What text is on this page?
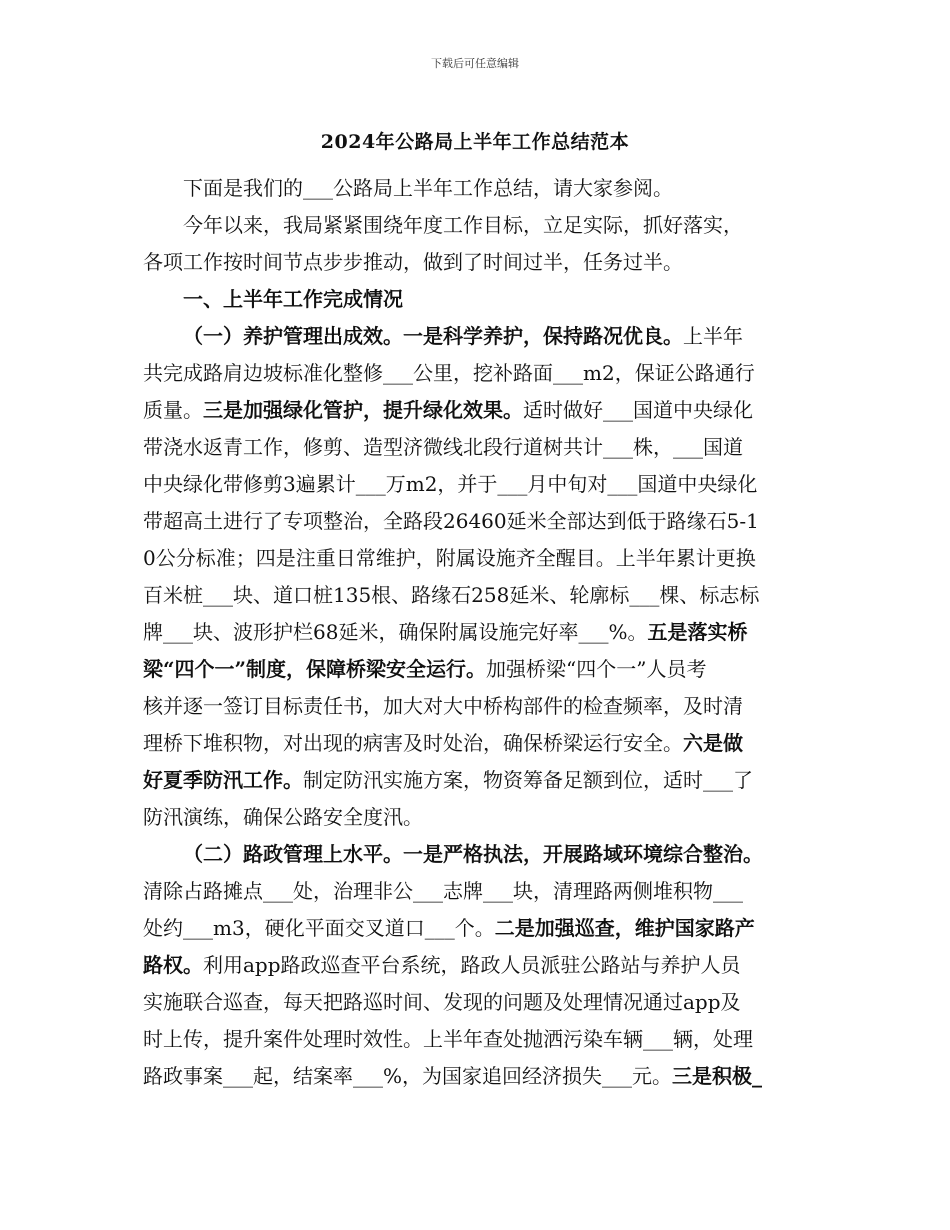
下载后可任意编辑
2024年公路局上半年工作总结范本
下面是我们的___公路局上半年工作总结，请大家参阅。
今年以来，我局紧紧围绕年度工作目标，立足实际，抓好落实，
各项工作按时间节点步步推动，做到了时间过半，任务过半。
一、上半年工作完成情况
（一）养护管理出成效。一是科学养护，保持路况优良。上半年
共完成路肩边坡标准化整修___公里，挖补路面___m2，保证公路通行
质量。三是加强绿化管护，提升绿化效果。适时做好___国道中央绿化
带浇水返青工作，修剪、造型济微线北段行道树共计___株，___国道
中央绿化带修剪3遍累计___万m2，并于___月中旬对___国道中央绿化
带超高土进行了专项整治，全路段26460延米全部达到低于路缘石5-1
0公分标准；四是注重日常维护，附属设施齐全醒目。上半年累计更换
百米桩___块、道口桩135根、路缘石258延米、轮廓标___棵、标志标
牌___块、波形护栏68延米，确保附属设施完好率___%。五是落实桥
梁“四个一”制度，保障桥梁安全运行。加强桥梁“四个一”人员考
核并逐一签订目标责任书，加大对大中桥构部件的检查频率，及时清
理桥下堆积物，对出现的病害及时处治，确保桥梁运行安全。六是做
好夏季防汛工作。制定防汛实施方案，物资筹备足额到位，适时___了
防汛演练，确保公路安全度汛。
（二）路政管理上水平。一是严格执法，开展路域环境综合整治。
清除占路摊点___处，治理非公___志牌___块，清理路两侧堆积物___
处约___m3，硬化平面交叉道口___个。二是加强巡查，维护国家路产
路权。利用app路政巡查平台系统，路政人员派驻公路站与养护人员
实施联合巡查，每天把路巡时间、发现的问题及处理情况通过app及
时上传，提升案件处理时效性。上半年查处抛洒污染车辆___辆，处理
路政事案___起，结案率___%，为国家追回经济损失___元。三是积极_
